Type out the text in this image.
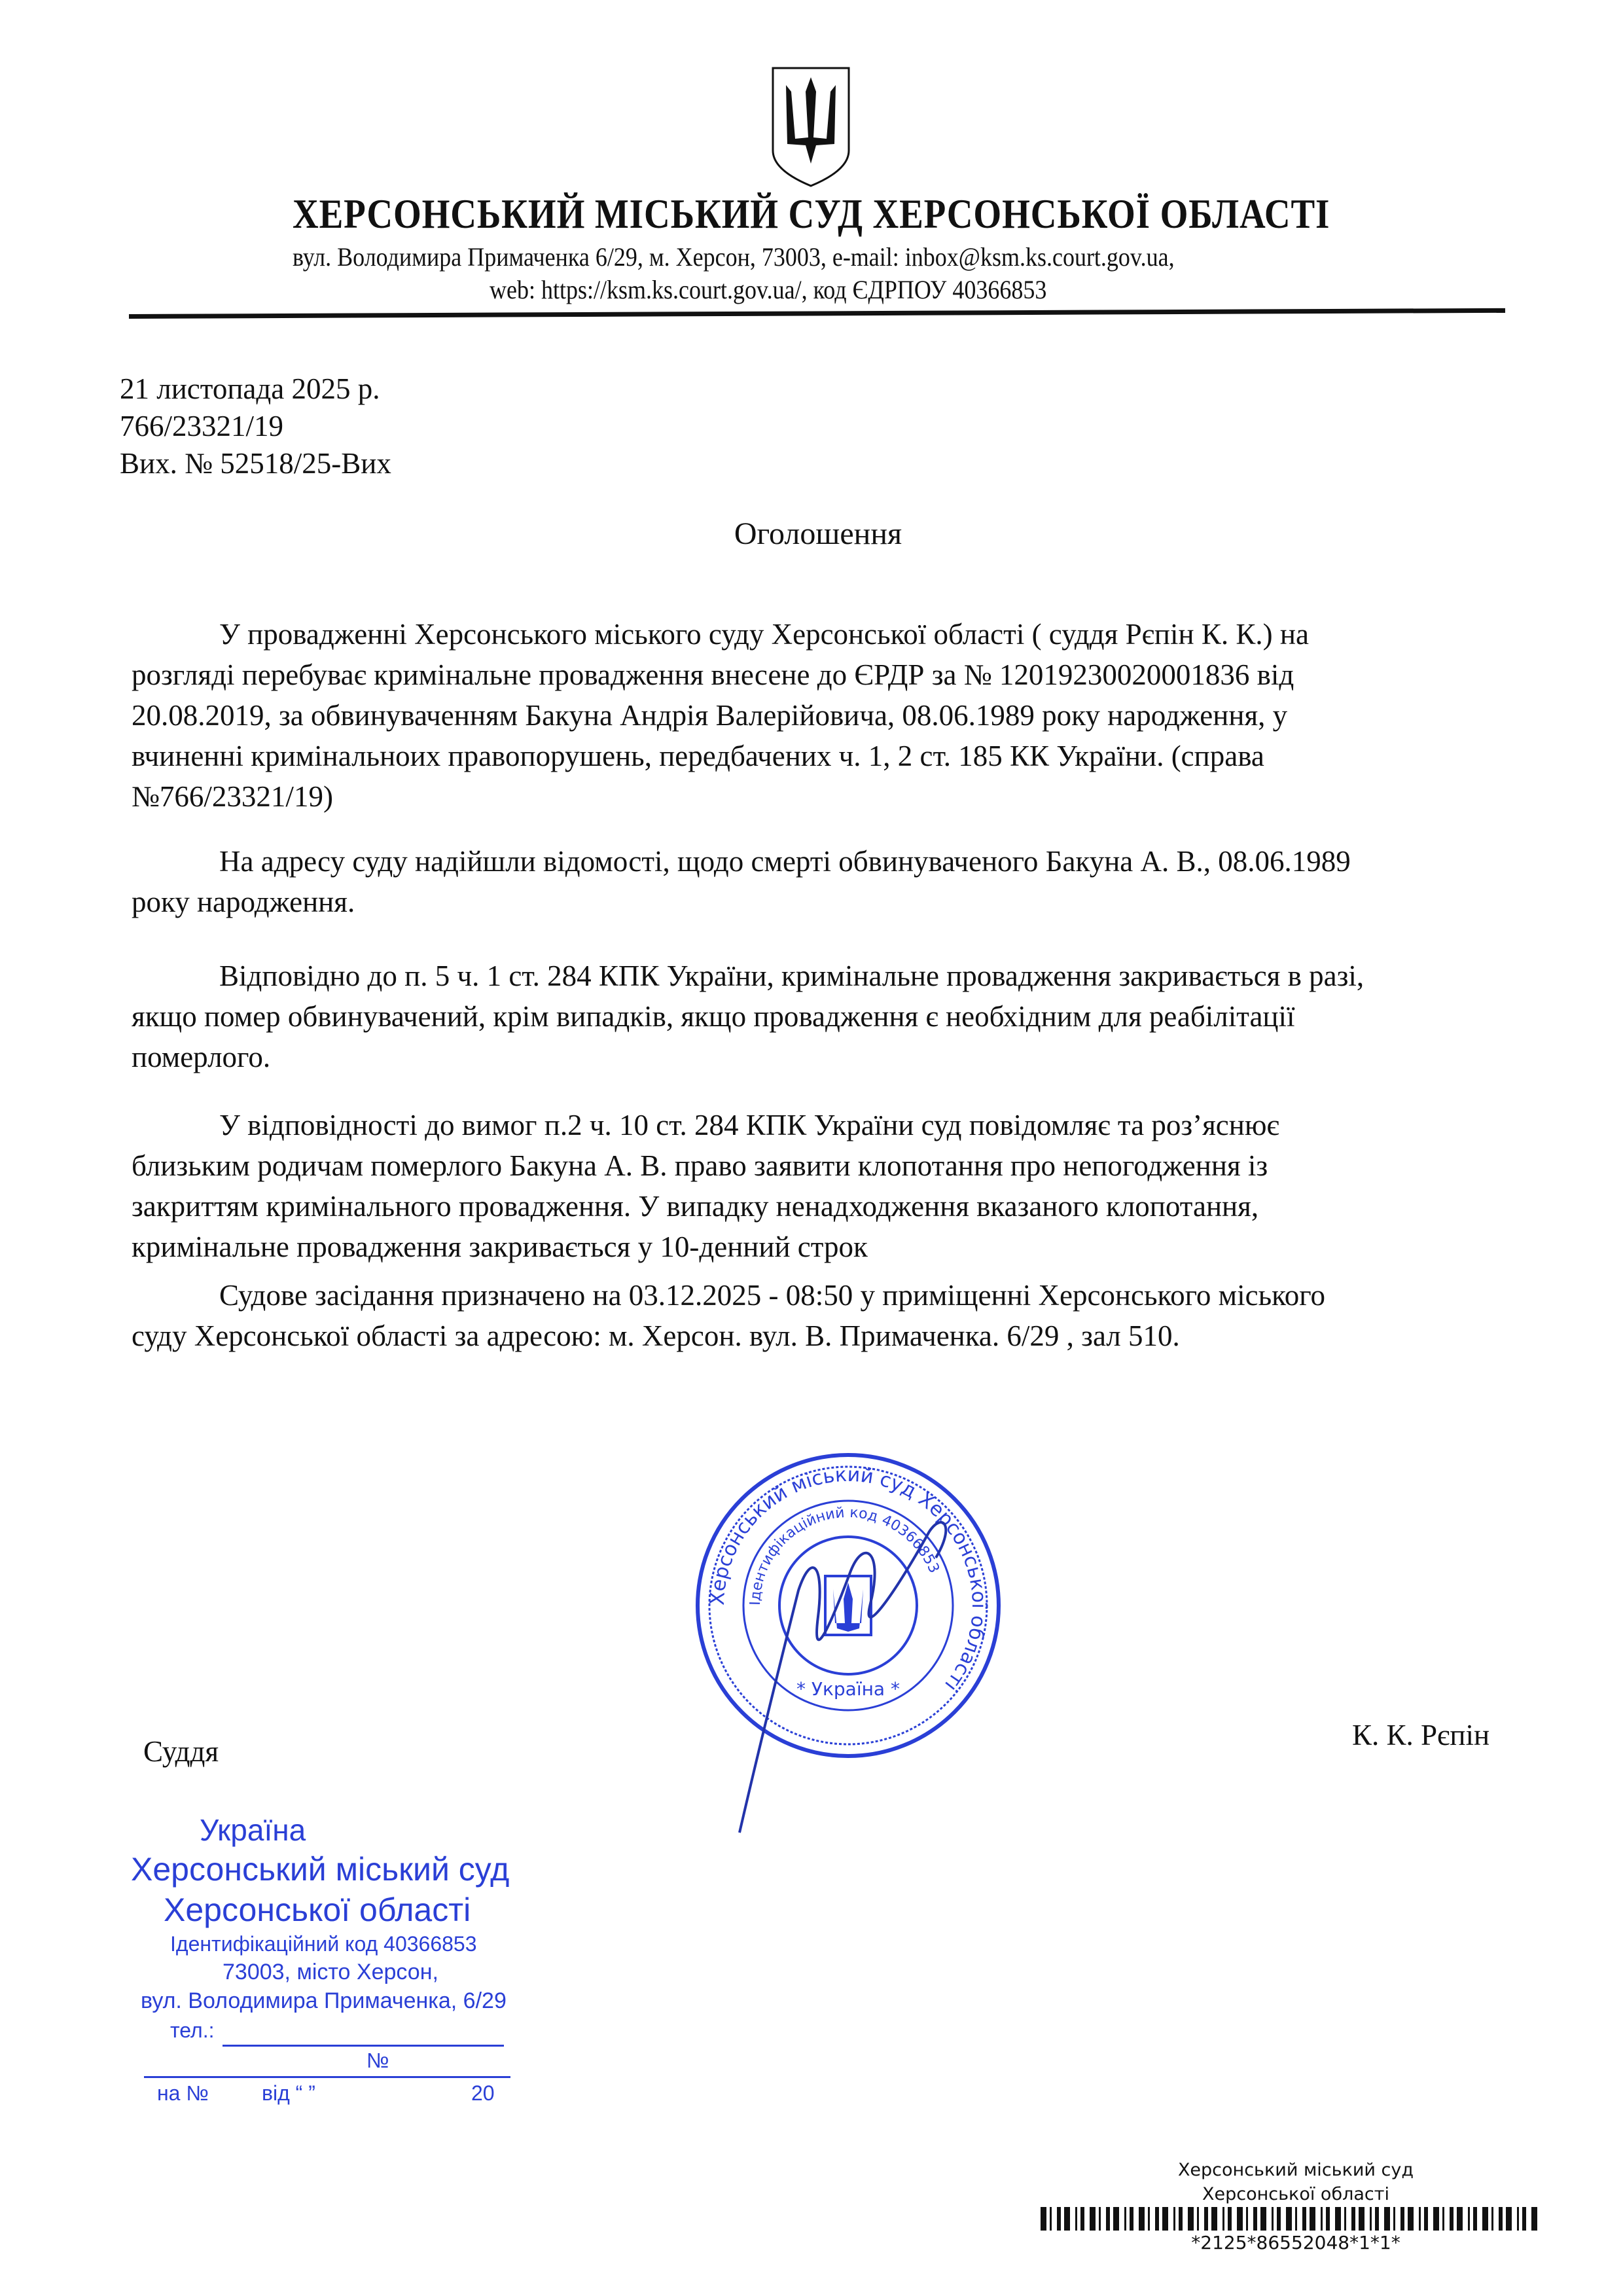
ХЕРСОНСЬКИЙ МІСЬКИЙ СУД ХЕРСОНСЬКОЇ ОБЛАСТІ
вул. Володимира Примаченка 6/29, м. Херсон, 73003, e-mail: inbox@ksm.ks.court.gov.ua,
web: https://ksm.ks.court.gov.ua/, код ЄДРПОУ 40366853
21 листопада 2025 р.
766/23321/19
Вих. № 52518/25-Вих
Оголошення
У провадженні Херсонського міського суду Херсонської області ( суддя Рєпін К. К.) на
розгляді перебуває кримінальне провадження внесене до ЄРДР за № 12019230020001836 від
20.08.2019, за обвинуваченням Бакуна Андрія Валерійовича, 08.06.1989 року народження, у
вчиненні кримінальноих правопорушень, передбачених ч. 1, 2 ст. 185 КК України. (справа
№766/23321/19)
На адресу суду надійшли відомості, щодо смерті обвинуваченого Бакуна А. В., 08.06.1989
року народження.
Відповідно до п. 5 ч. 1 ст. 284 КПК України, кримінальне провадження закривається в разі,
якщо помер обвинувачений, крім випадків, якщо провадження є необхідним для реабілітації
померлого.
У відповідності до вимог п.2 ч. 10 ст. 284 КПК України суд повідомляє та роз’яснює
близьким родичам померлого Бакуна А. В. право заявити клопотання про непогодження із
закриттям кримінального провадження. У випадку ненадходження вказаного клопотання,
кримінальне провадження закривається у 10-денний строк
Судове засідання призначено на 03.12.2025 - 08:50 у приміщенні Херсонського міського
суду Херсонської області за адресою: м. Херсон. вул. В. Примаченка. 6/29 , зал 510.
Херсонський міський суд Херсонської області
Ідентифікаційний код 40366853
* Україна *
Суддя	К. К. Рєпін
Україна
Херсонський міський суд
Херсонської області
Ідентифікаційний код 40366853
73003, місто Херсон,
вул. Володимира Примаченка, 6/29
тел.:
№
на №	від “ ”	20
Херсонський міський суд
Херсонської області
*2125*86552048*1*1*
